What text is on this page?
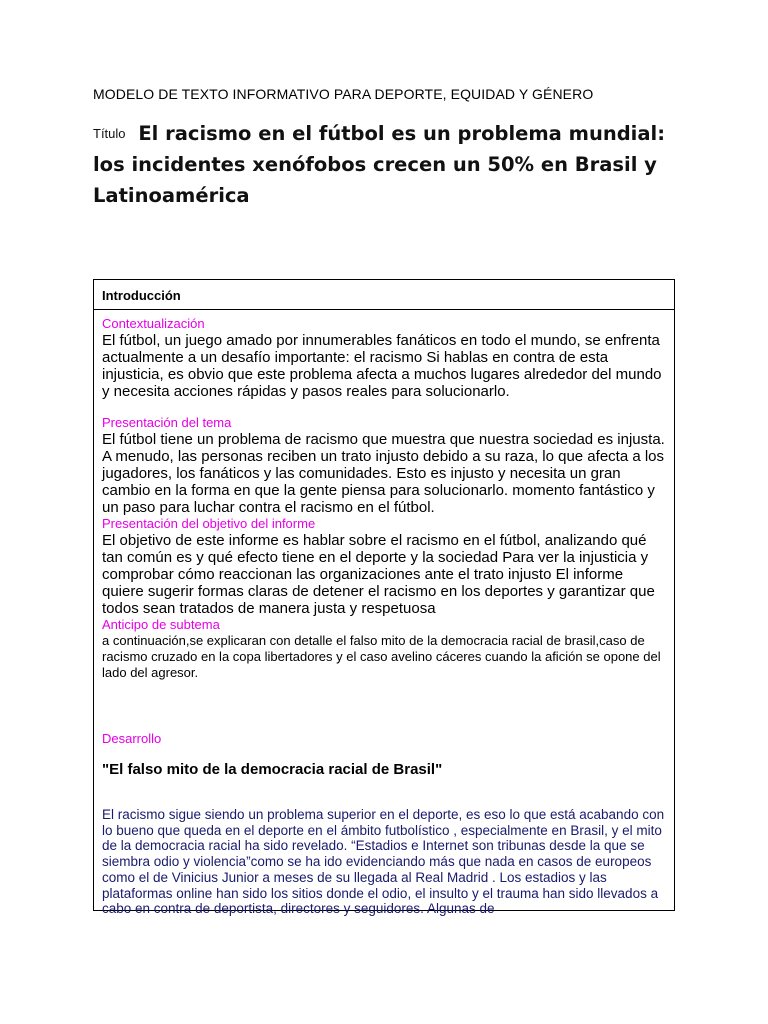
MODELO DE TEXTO INFORMATIVO PARA DEPORTE, EQUIDAD Y GÉNERO
Título El racismo en el fútbol es un problema mundial: los incidentes xenófobos crecen un 50% en Brasil y Latinoamérica
Introducción
Contextualización
El fútbol, un juego amado por innumerables fanáticos en todo el mundo, se enfrenta actualmente a un desafío importante: el racismo Si hablas en contra de esta injusticia, es obvio que este problema afecta a muchos lugares alrededor del mundo y necesita acciones rápidas y pasos reales para solucionarlo.
Presentación del tema
El fútbol tiene un problema de racismo que muestra que nuestra sociedad es injusta. A menudo, las personas reciben un trato injusto debido a su raza, lo que afecta a los jugadores, los fanáticos y las comunidades. Esto es injusto y necesita un gran cambio en la forma en que la gente piensa para solucionarlo. momento fantástico y un paso para luchar contra el racismo en el fútbol.
Presentación del objetivo del informe
El objetivo de este informe es hablar sobre el racismo en el fútbol, analizando qué tan común es y qué efecto tiene en el deporte y la sociedad Para ver la injusticia y comprobar cómo reaccionan las organizaciones ante el trato injusto El informe quiere sugerir formas claras de detener el racismo en los deportes y garantizar que todos sean tratados de manera justa y respetuosa
Anticipo de subtema
a continuación,se explicaran con detalle el falso mito de la democracia racial de brasil,caso de racismo cruzado en la copa libertadores y el caso avelino cáceres cuando la afición se opone del lado del agresor.
Desarrollo
"El falso mito de la democracia racial de Brasil"
El racismo sigue siendo un problema superior en el deporte, es eso lo que está acabando con lo bueno que queda en el deporte en el ámbito futbolístico , especialmente en Brasil, y el mito de la democracia racial ha sido revelado. “Estadios e Internet son tribunas desde la que se siembra odio y violencia”como se ha ido evidenciando más que nada en casos de europeos como el de Vinicius Junior a meses de su llegada al Real Madrid . Los estadios y las plataformas online han sido los sitios donde el odio, el insulto y el trauma han sido llevados a cabo en contra de deportista, directores y seguidores. Algunas de
